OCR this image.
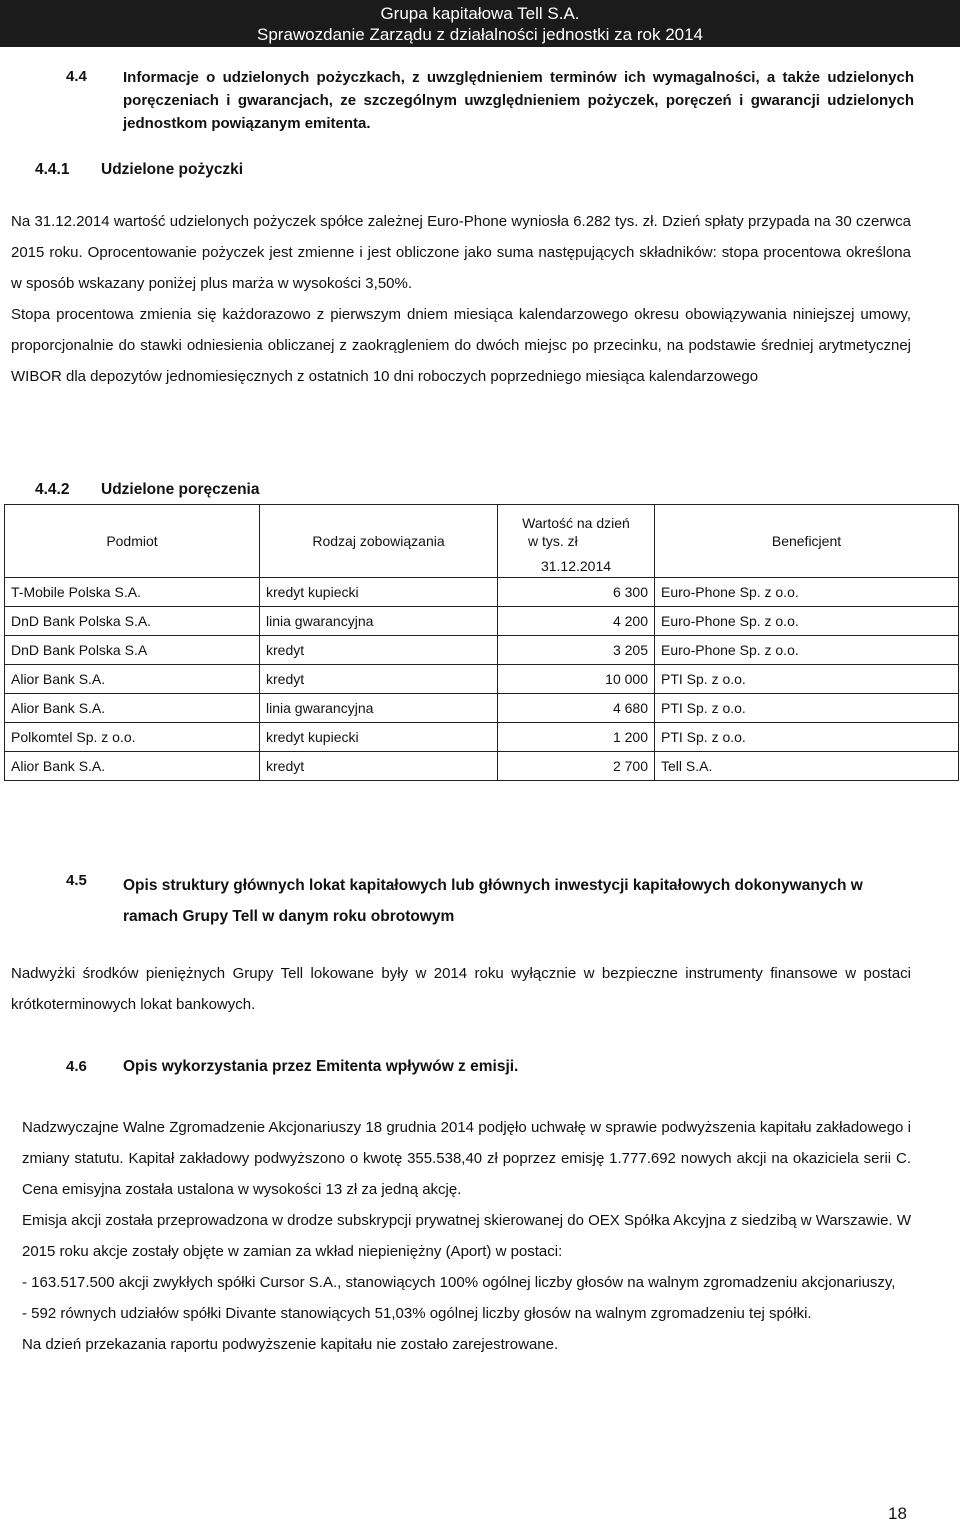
Grupa kapitałowa Tell S.A.
Sprawozdanie Zarządu z działalności jednostki za rok 2014
4.4 Informacje o udzielonych pożyczkach, z uwzględnieniem terminów ich wymagalności, a także udzielonych poręczeniach i gwarancjach, ze szczególnym uwzględnieniem pożyczek, poręczeń i gwarancji udzielonych jednostkom powiązanym emitenta.
4.4.1 Udzielone pożyczki

Na 31.12.2014 wartość udzielonych pożyczek spółce zależnej Euro-Phone wyniosła 6.282 tys. zł. Dzień spłaty przypada na 30 czerwca 2015 roku. Oprocentowanie pożyczek jest zmienne i jest obliczone jako suma następujących składników: stopa procentowa określona w sposób wskazany poniżej plus marża w wysokości 3,50%.

Stopa procentowa zmienia się każdorazowo z pierwszym dniem miesiąca kalendarzowego okresu obowiązywania niniejszej umowy, proporcjonalnie do stawki odniesienia obliczanej z zaokrągleniem do dwóch miejsc po przecinku, na podstawie średniej arytmetycznej WIBOR dla depozytów jednomiesięcznych z ostatnich 10 dni roboczych poprzedniego miesiąca kalendarzowego

4.4.2 Udzielone poręczenia
Podmiot	Rodzaj zobowiązania	Wartość na dzień
w tys. zł
31.12.2014	Beneficjent
T-Mobile Polska S.A.	kredyt kupiecki	6 300	Euro-Phone Sp. z o.o.
DnD Bank Polska S.A.	linia gwarancyjna	4 200	Euro-Phone Sp. z o.o.
DnD Bank Polska S.A	kredyt	3 205	Euro-Phone Sp. z o.o.
Alior Bank S.A.	kredyt	10 000	PTI Sp. z o.o.
Alior Bank S.A.	linia gwarancyjna	4 680	PTI Sp. z o.o.
Polkomtel Sp. z o.o.	kredyt kupiecki	1 200	PTI Sp. z o.o.
Alior Bank S.A.	kredyt	2 700	Tell S.A.
4.5 Opis struktury głównych lokat kapitałowych lub głównych inwestycji kapitałowych dokonywanych w ramach Grupy Tell w danym roku obrotowym

Nadwyżki środków pieniężnych Grupy Tell lokowane były w 2014 roku wyłącznie w bezpieczne instrumenty finansowe w postaci krótkoterminowych lokat bankowych.

4.6 Opis wykorzystania przez Emitenta wpływów z emisji.

Nadzwyczajne Walne Zgromadzenie Akcjonariuszy 18 grudnia 2014 podjęło uchwałę w sprawie podwyższenia kapitału zakładowego i zmiany statutu. Kapitał zakładowy podwyższono o kwotę 355.538,40 zł poprzez emisję 1.777.692 nowych akcji na okaziciela serii C. Cena emisyjna została ustalona w wysokości 13 zł za jedną akcję.

Emisja akcji została przeprowadzona w drodze subskrypcji prywatnej skierowanej do OEX Spółka Akcyjna z siedzibą w Warszawie. W 2015 roku akcje zostały objęte w zamian za wkład niepieniężny (Aport) w postaci:

- 163.517.500 akcji zwykłych spółki Cursor S.A., stanowiących 100% ogólnej liczby głosów na walnym zgromadzeniu akcjonariuszy,

- 592 równych udziałów spółki Divante stanowiących 51,03% ogólnej liczby głosów na walnym zgromadzeniu tej spółki.

Na dzień przekazania raportu podwyższenie kapitału nie zostało zarejestrowane.

18
